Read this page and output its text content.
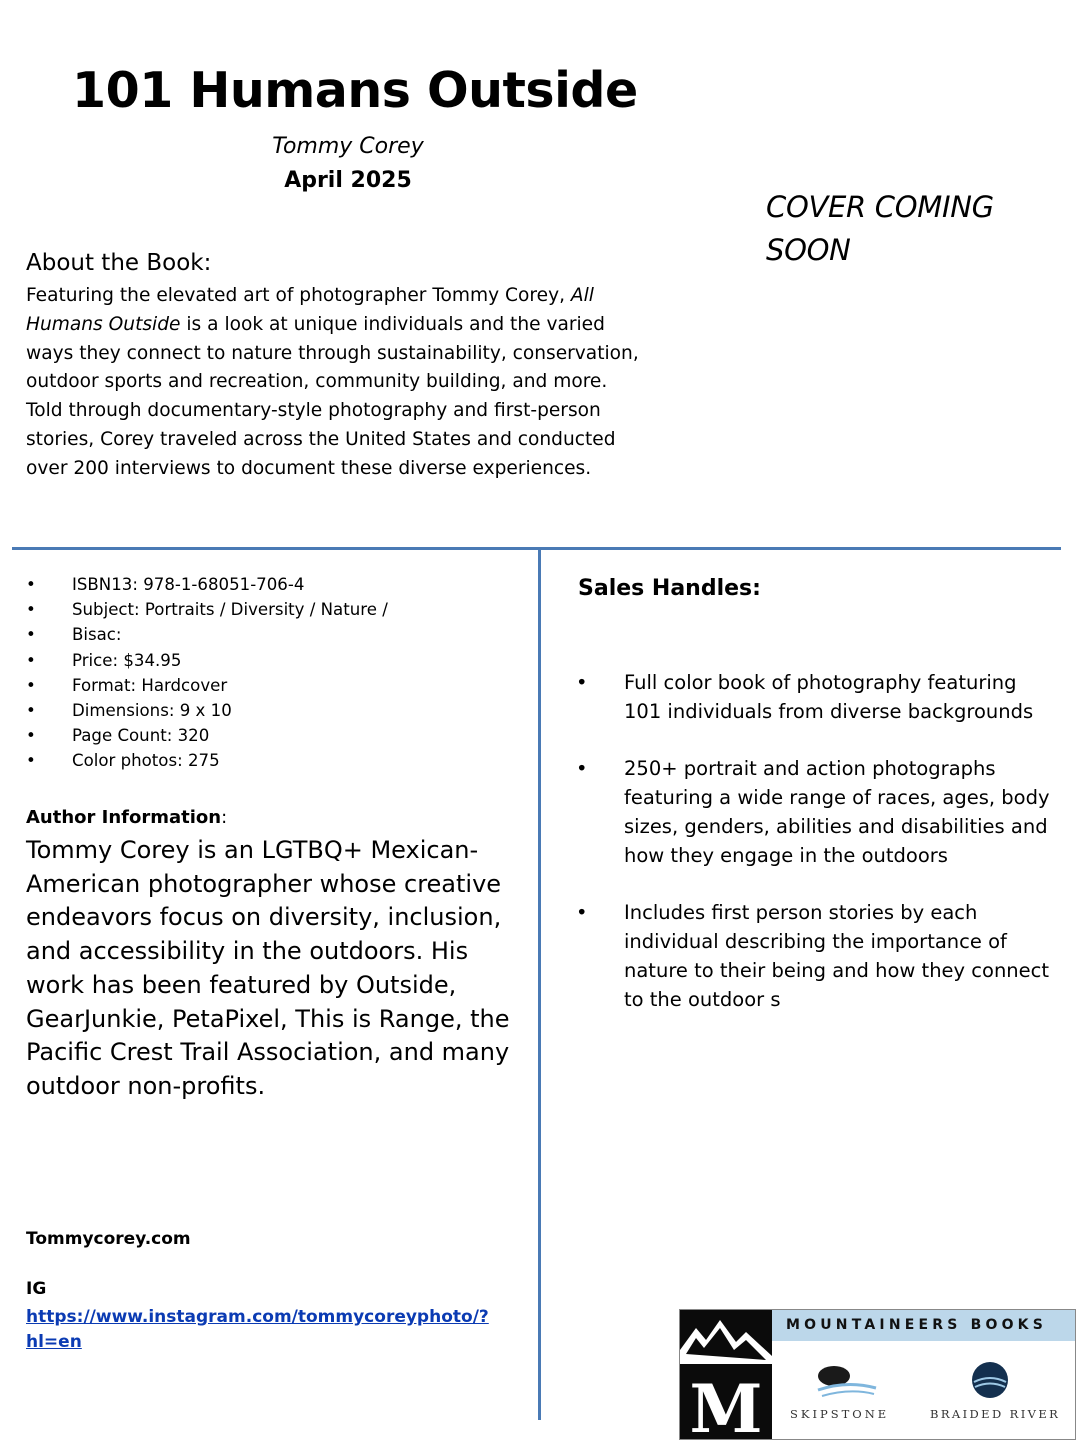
101 Humans Outside
Tommy Corey
April 2025
COVER COMING SOON
About the Book:
Featuring the elevated art of photographer Tommy Corey, All Humans Outside is a look at unique individuals and the varied ways they connect to nature through sustainability, conservation, outdoor sports and recreation, community building, and more. Told through documentary-style photography and first-person stories, Corey traveled across the United States and conducted over 200 interviews to document these diverse experiences.
• ISBN13: 978-1-68051-706-4
• Subject: Portraits / Diversity / Nature /
• Bisac:
• Price: $34.95
• Format: Hardcover
• Dimensions: 9 x 10
• Page Count: 320
• Color photos: 275
Author Information:
Tommy Corey is an LGTBQ+ Mexican-American photographer whose creative endeavors focus on diversity, inclusion, and accessibility in the outdoors. His work has been featured by Outside, GearJunkie, PetaPixel, This is Range, the Pacific Crest Trail Association, and many outdoor non-profits.
Tommycorey.com
IG
https://www.instagram.com/tommycoreyphoto/?hl=en
Sales Handles:
• Full color book of photography featuring 101 individuals from diverse backgrounds
• 250+ portrait and action photographs featuring a wide range of races, ages, body sizes, genders, abilities and disabilities and how they engage in the outdoors
• Includes first person stories by each individual describing the importance of nature to their being and how they connect to the outdoor s
M
MOUNTAINEERS BOOKS
SKIPSTONE	BRAIDED RIVER
